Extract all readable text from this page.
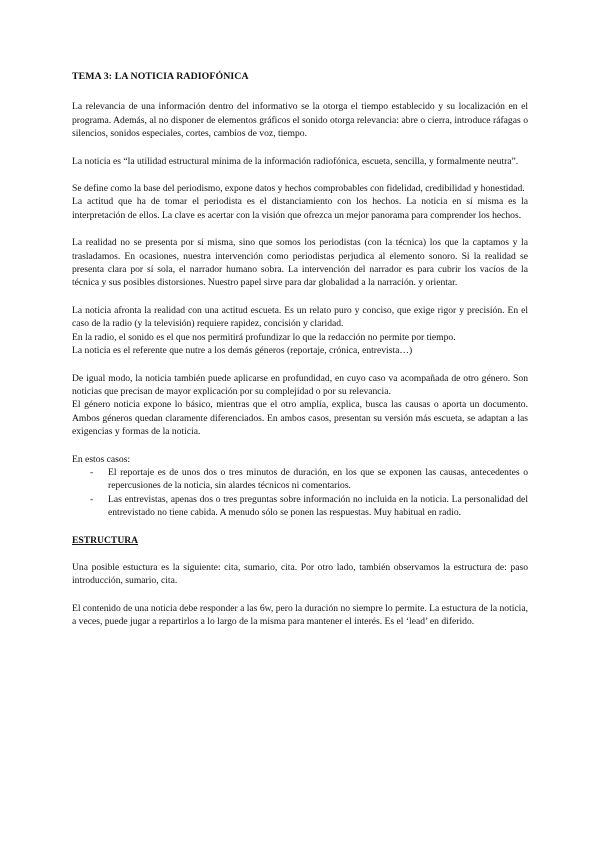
TEMA 3: LA NOTICIA RADIOFÓNICA

La relevancia de una información dentro del informativo se la otorga el tiempo establecido y su localización en el programa. Además, al no disponer de elementos gráficos el sonido otorga relevancia: abre o cierra, introduce ráfagas o silencios, sonidos especiales, cortes, cambios de voz, tiempo.

La noticia es “la utilidad estructural mínima de la información radiofónica, escueta, sencilla, y formalmente neutra”.

Se define como la base del periodismo, expone datos y hechos comprobables con fidelidad, credibilidad y honestidad.

La actitud que ha de tomar el periodista es el distanciamiento con los hechos. La noticia en sí misma es la interpretación de ellos. La clave es acertar con la visión que ofrezca un mejor panorama para comprender los hechos.

La realidad no se presenta por sí misma, sino que somos los periodistas (con la técnica) los que la captamos y la trasladamos. En ocasiones, nuestra intervención como periodistas perjudica al elemento sonoro. Si la realidad se presenta clara por sí sola, el narrador humano sobra. La intervención del narrador es para cubrir los vacíos de la técnica y sus posibles distorsiones. Nuestro papel sirve para dar globalidad a la narración. y orientar.

La noticia afronta la realidad con una actitud escueta. Es un relato puro y conciso, que exige rigor y precisión. En el caso de la radio (y la televisión) requiere rapidez, concisión y claridad.

En la radio, el sonido es el que nos permitirá profundizar lo que la redacción no permite por tiempo.

La noticia es el referente que nutre a los demás géneros (reportaje, crónica, entrevista…)

De igual modo, la noticia también puede aplicarse en profundidad, en cuyo caso va acompañada de otro género. Son noticias que precisan de mayor explicación por su complejidad o por su relevancia.

El género noticia expone lo básico, mientras que el otro amplía, explica, busca las causas o aporta un documento. Ambos géneros quedan claramente diferenciados. En ambos casos, presentan su versión más escueta, se adaptan a las exigencias y formas de la noticia.

En estos casos:

- El reportaje es de unos dos o tres minutos de duración, en los que se exponen las causas, antecedentes o repercusiones de la noticia, sin alardes técnicos ni comentarios.
- Las entrevistas, apenas dos o tres preguntas sobre información no incluida en la noticia. La personalidad del entrevistado no tiene cabida. A menudo sólo se ponen las respuestas. Muy habitual en radio.

ESTRUCTURA

Una posible estuctura es la siguiente: cita, sumario, cita. Por otro lado, también observamos la estructura de: paso introducción, sumario, cita.

El contenido de una noticia debe responder a las 6w, pero la duración no siempre lo permite. La estuctura de la noticia, a veces, puede jugar a repartirlos a lo largo de la misma para mantener el interés. Es el ‘lead’ en diferido.
